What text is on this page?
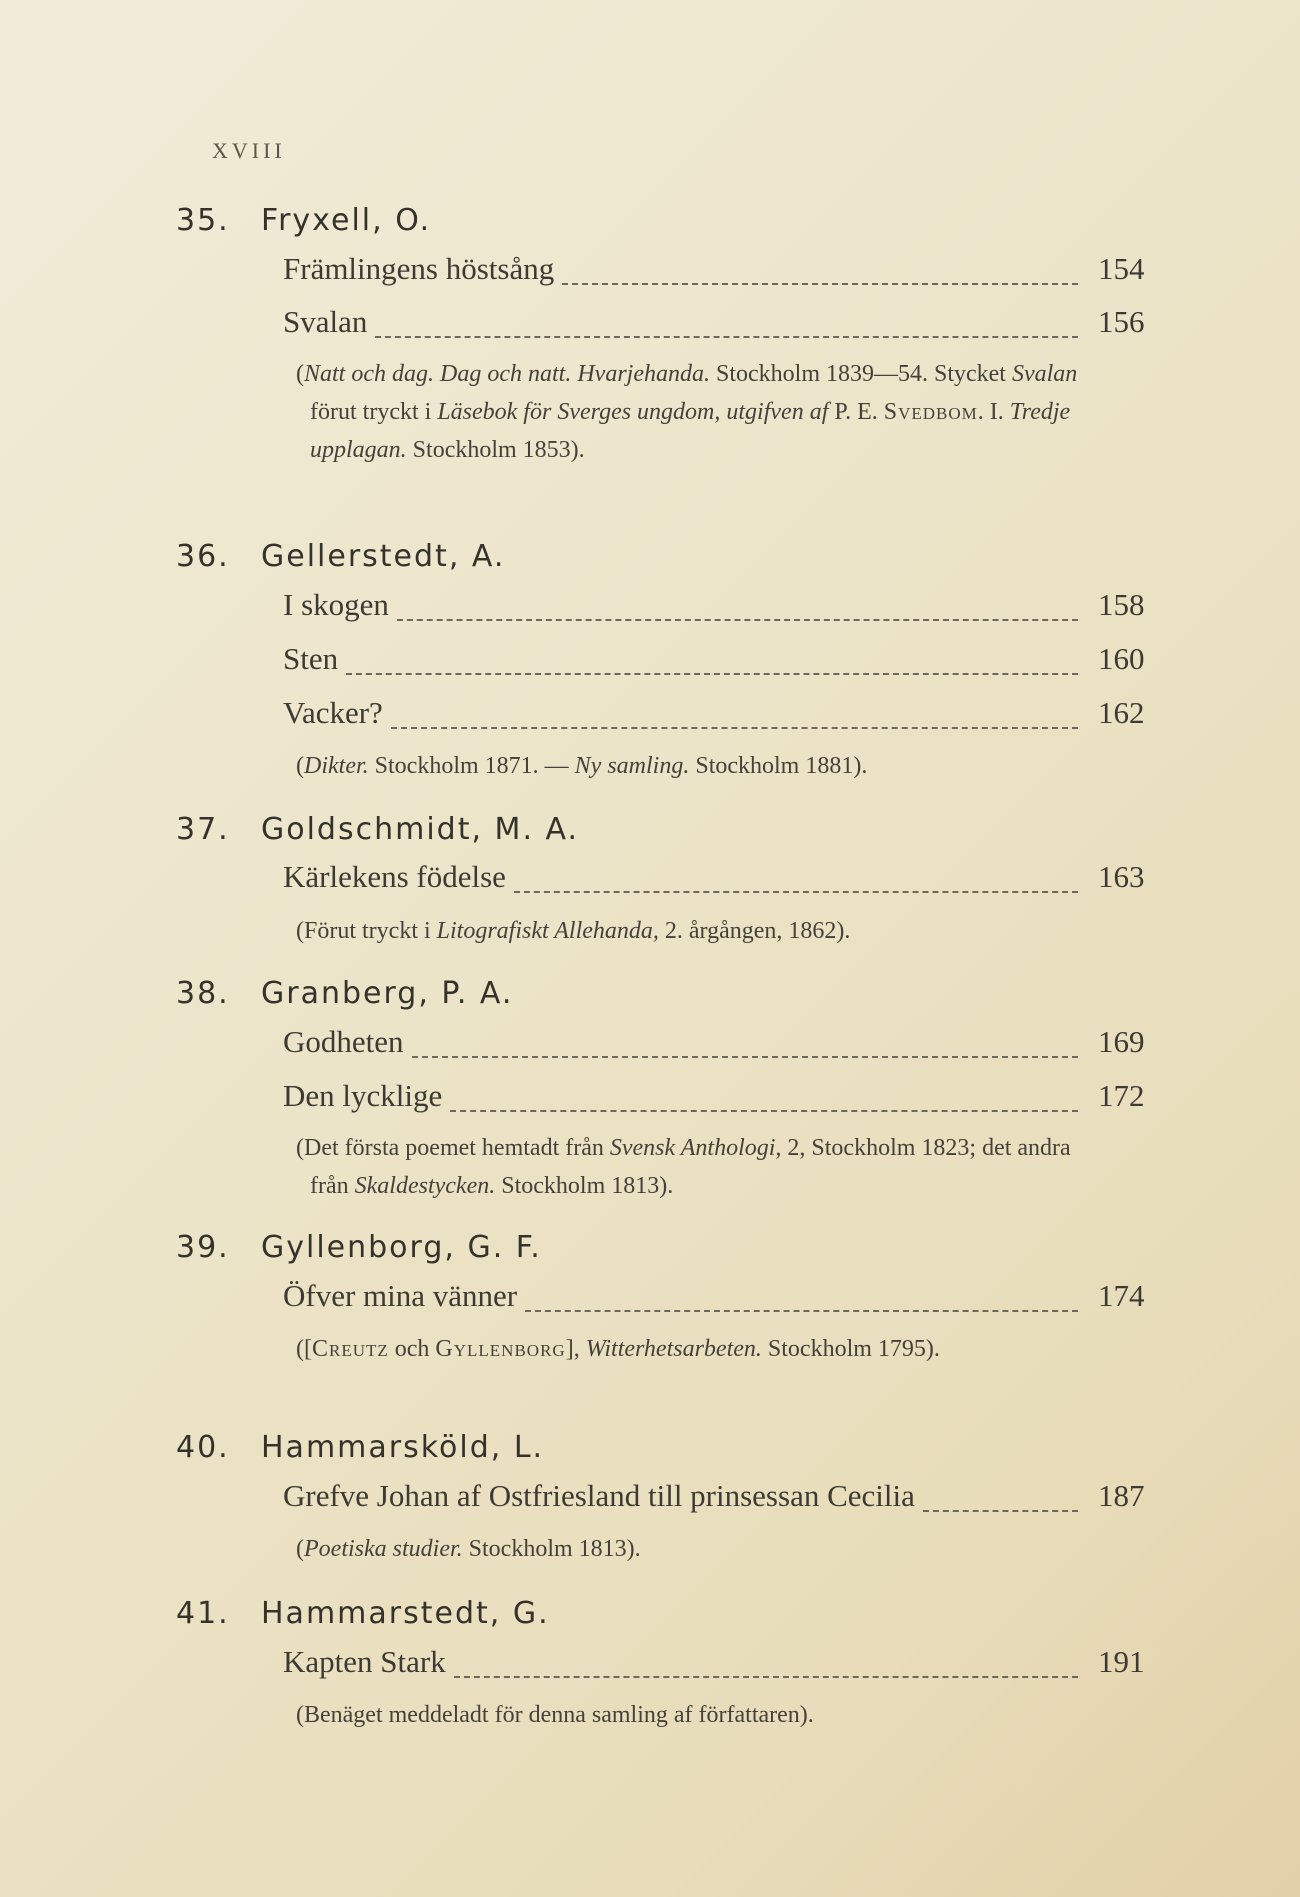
XVIII
35. Fryxell, O.
Främlingens höstsång	154
Svalan	156
(Natt och dag. Dag och natt. Hvarjehanda. Stockholm 1839—54. Stycket Svalan förut tryckt i Läsebok för Sverges ungdom, utgifven af P. E. Svedbom. I. Tredje upplagan. Stockholm 1853).
36. Gellerstedt, A.
I skogen	158
Sten	160
Vacker?	162
(Dikter. Stockholm 1871. — Ny samling. Stockholm 1881).
37. Goldschmidt, M. A.
Kärlekens födelse	163
(Förut tryckt i Litografiskt Allehanda, 2. årgången, 1862).
38. Granberg, P. A.
Godheten	169
Den lycklige	172
(Det första poemet hemtadt från Svensk Anthologi, 2, Stockholm 1823; det andra från Skaldestycken. Stockholm 1813).
39. Gyllenborg, G. F.
Öfver mina vänner	174
([Creutz och Gyllenborg], Witterhetsarbeten. Stockholm 1795).
40. Hammarsköld, L.
Grefve Johan af Ostfriesland till prinsessan Cecilia	187
(Poetiska studier. Stockholm 1813).
41. Hammarstedt, G.
Kapten Stark	191
(Benäget meddeladt för denna samling af författaren).
